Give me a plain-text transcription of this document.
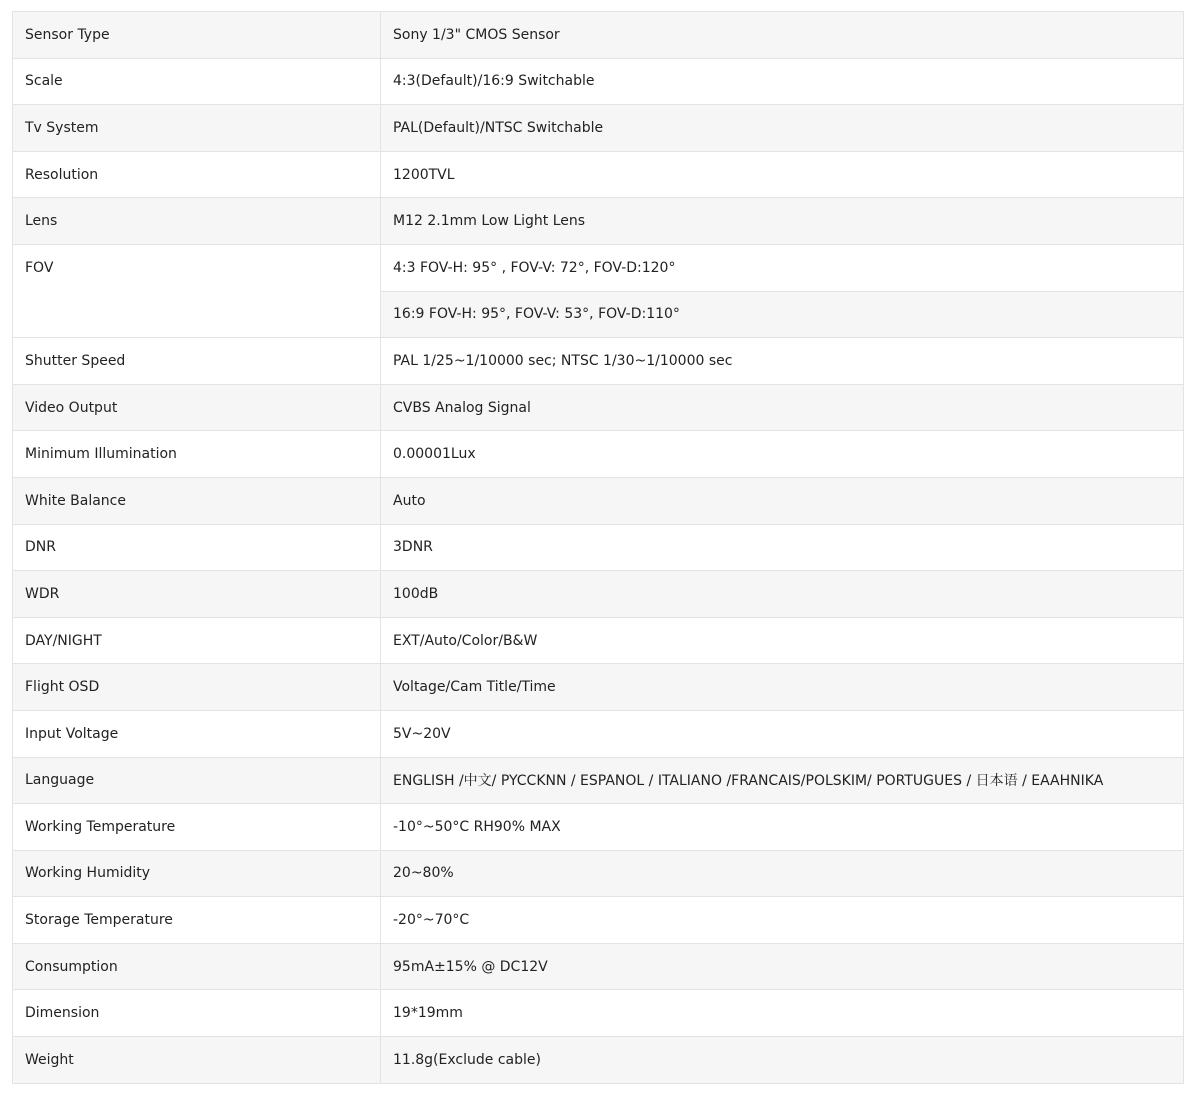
Sensor Type	Sony 1/3" CMOS Sensor
Scale	4:3(Default)/16:9 Switchable
Tv System	PAL(Default)/NTSC Switchable
Resolution	1200TVL
Lens	M12 2.1mm Low Light Lens
FOV	4:3 FOV-H: 95° , FOV-V: 72°, FOV-D:120°
	16:9 FOV-H: 95°, FOV-V: 53°, FOV-D:110°
Shutter Speed	PAL 1/25~1/10000 sec; NTSC 1/30~1/10000 sec
Video Output	CVBS Analog Signal
Minimum Illumination	0.00001Lux
White Balance	Auto
DNR	3DNR
WDR	100dB
DAY/NIGHT	EXT/Auto/Color/B&W
Flight OSD	Voltage/Cam Title/Time
Input Voltage	5V~20V
Language	ENGLISH /中文/ PYCCKNN / ESPANOL / ITALIANO /FRANCAIS/POLSKIM/ PORTUGUES / 日本语 / EAAHNIKA
Working Temperature	-10°~50°C RH90% MAX
Working Humidity	20~80%
Storage Temperature	-20°~70°C
Consumption	95mA±15% @ DC12V
Dimension	19*19mm
Weight	11.8g(Exclude cable)
